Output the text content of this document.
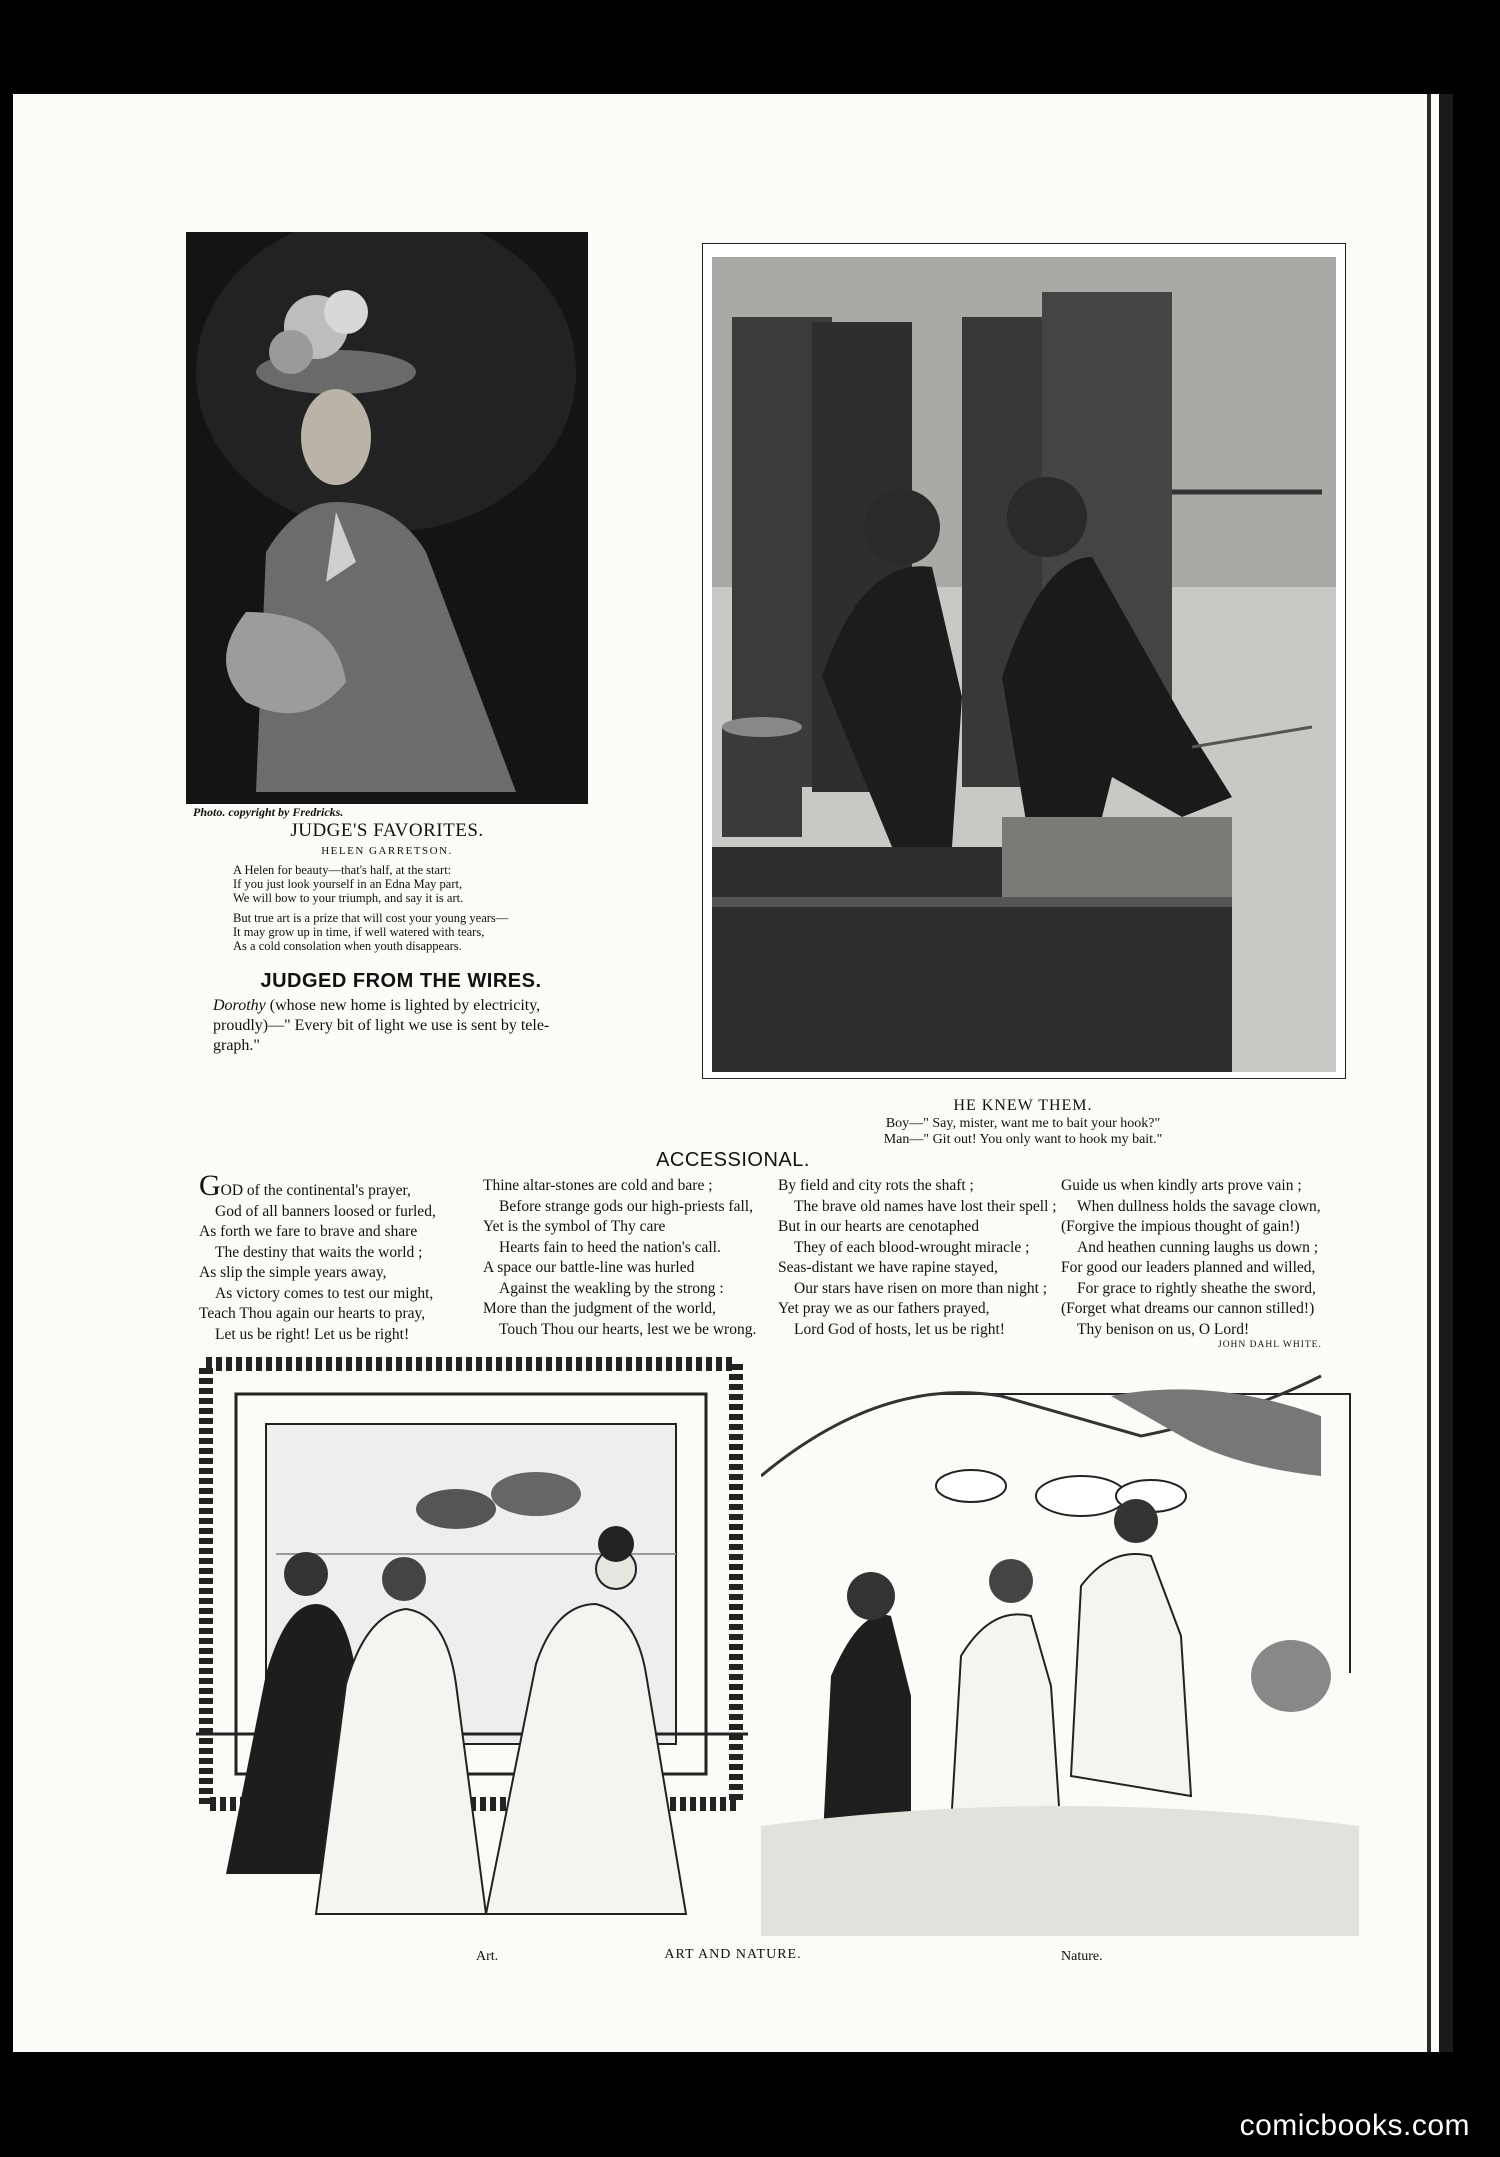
Photo. copyright by Fredricks.
JUDGE'S FAVORITES.
HELEN GARRETSON.
A Helen for beauty—that's half, at the start:
If you just look yourself in an Edna May part,
We will bow to your triumph, and say it is art.
But true art is a prize that will cost your young years—
It may grow up in time, if well watered with tears,
As a cold consolation when youth disappears.
JUDGED FROM THE WIRES.
Dorothy (whose new home is lighted by electricity,
proudly)—" Every bit of light we use is sent by tele-
graph."
HE KNEW THEM.
Boy—" Say, mister, want me to bait your hook?"
Man—" Git out! You only want to hook my bait."
ACCESSIONAL.
GOD of the continental's prayer,
God of all banners loosed or furled,
As forth we fare to brave and share
The destiny that waits the world ;
As slip the simple years away,
As victory comes to test our might,
Teach Thou again our hearts to pray,
Let us be right! Let us be right!
Thine altar-stones are cold and bare ;
Before strange gods our high-priests fall,
Yet is the symbol of Thy care
Hearts fain to heed the nation's call.
A space our battle-line was hurled
Against the weakling by the strong :
More than the judgment of the world,
Touch Thou our hearts, lest we be wrong.
By field and city rots the shaft ;
The brave old names have lost their spell ;
But in our hearts are cenotaphed
They of each blood-wrought miracle ;
Seas-distant we have rapine stayed,
Our stars have risen on more than night ;
Yet pray we as our fathers prayed,
Lord God of hosts, let us be right!
Guide us when kindly arts prove vain ;
When dullness holds the savage clown,
(Forgive the impious thought of gain!)
And heathen cunning laughs us down ;
For good our leaders planned and willed,
For grace to rightly sheathe the sword,
(Forget what dreams our cannon stilled!)
Thy benison on us, O Lord!
JOHN DAHL WHITE.
Art.	ART AND NATURE.	Nature.
comicbooks.com
